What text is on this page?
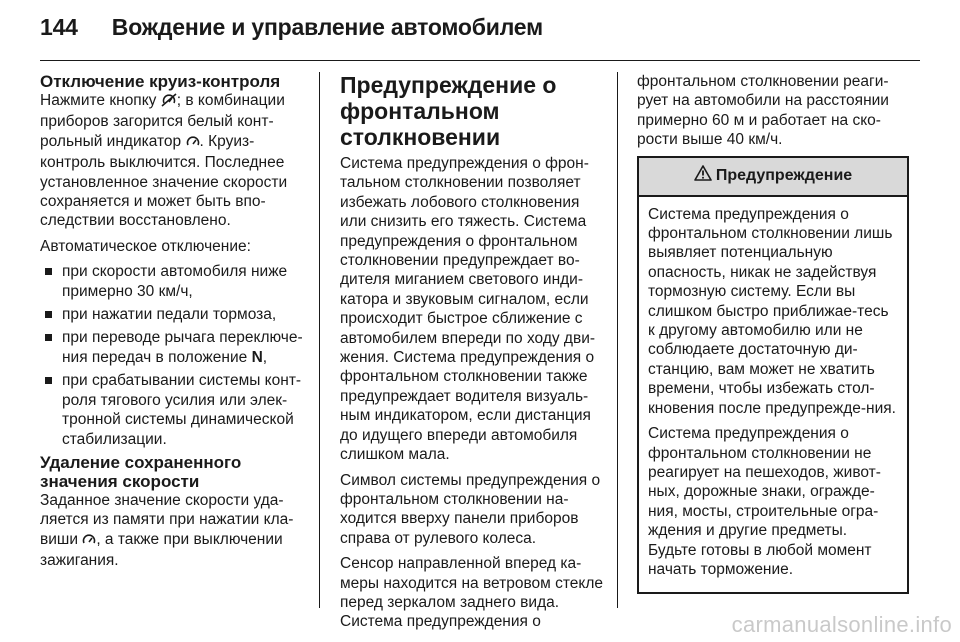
144 Вождение и управление автомобилем
Отключение круиз-контроля

Нажмите кнопку ; в комбинации приборов загорится белый конт-рольный индикатор . Круиз-контроль выключится. Последнее установленное значение скорости сохраняется и может быть впо-следствии восстановлено.

Автоматическое отключение:

при скорости автомобиля ниже примерно 30 км/ч,
при нажатии педали тормоза,
при переводе рычага переключе-ния передач в положение N,
при срабатывании системы конт-роля тягового усилия или элек-тронной системы динамической стабилизации.
Удаление сохраненного значения скорости

Заданное значение скорости уда-ляется из памяти при нажатии кла-виши , а также при выключении зажигания.

Предупреждение о фронтальном столкновении

Система предупреждения о фрон-тальном столкновении позволяет избежать лобового столкновения или снизить его тяжесть. Система предупреждения о фронтальном столкновении предупреждает во-дителя миганием светового инди-катора и звуковым сигналом, если происходит быстрое сближение с автомобилем впереди по ходу дви-жения. Система предупреждения о фронтальном столкновении также предупреждает водителя визуаль-ным индикатором, если дистанция до идущего впереди автомобиля слишком мала.

Символ системы предупреждения о фронтальном столкновении на-ходится вверху панели приборов справа от рулевого колеса.

Сенсор направленной вперед ка-меры находится на ветровом стекле перед зеркалом заднего вида. Система предупреждения о

фронтальном столкновении реаги-рует на автомобили на расстоянии примерно 60 м и работает на ско-рости выше 40 км/ч.

Предупреждение

Система предупреждения о фронтальном столкновении лишь выявляет потенциальную опасность, никак не задействуя тормозную систему. Если вы слишком быстро приближае-тесь к другому автомобилю или не соблюдаете достаточную ди-станцию, вам может не хватить времени, чтобы избежать стол-кновения после предупрежде-ния.

Система предупреждения о фронтальном столкновении не реагирует на пешеходов, живот-ных, дорожные знаки, огражде-ния, мосты, строительные огра-ждения и другие предметы. Будьте готовы в любой момент начать торможение.

carmanualsonline.info
